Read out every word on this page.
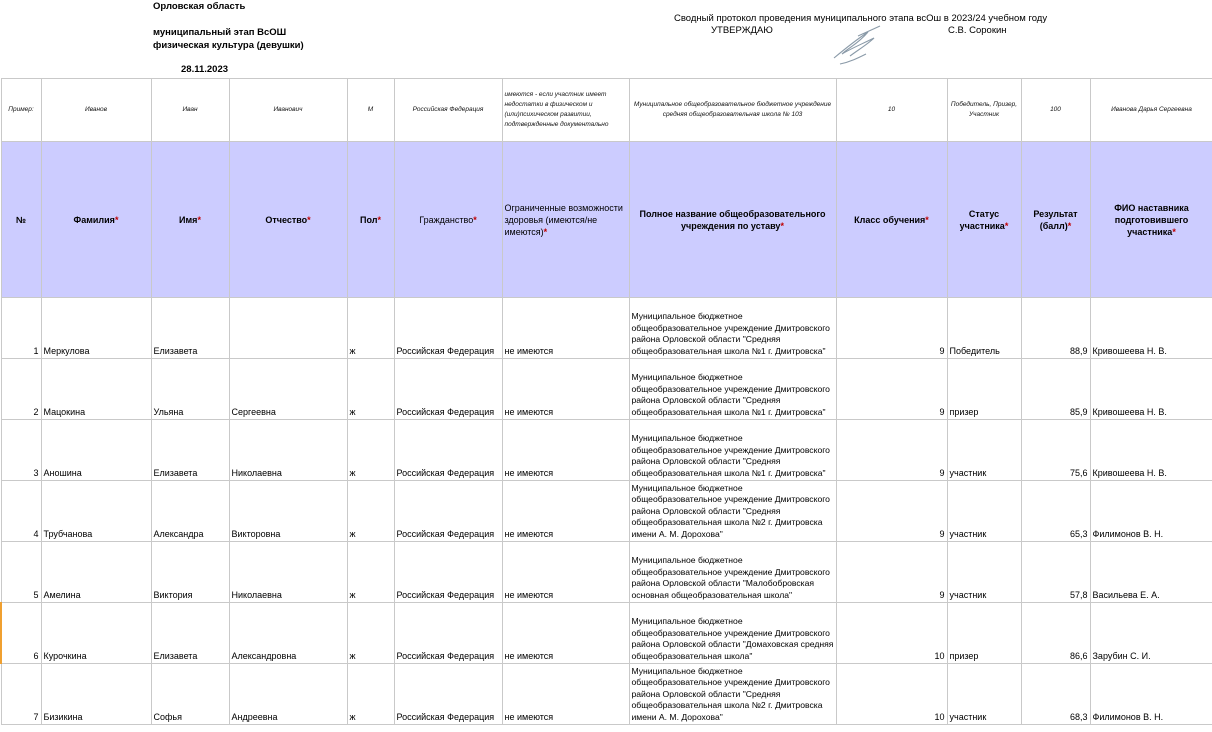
Орловская область
муниципальный этап ВсОШ
физическая культура (девушки)
28.11.2023
Сводный протокол проведения муниципального этапа всОш в 2023/24 учебном году
УТВЕРЖДАЮ	С.В. Сорокин
Пример:	Иванов	Иван	Иванович	М	Российская Федерация	имеются - если участник имеет недостатки в физическом и (или)психическом развитии, подтвержденные документально	Муниципальное общеобразовательное бюджетное учреждение средняя общеобразовательная школа № 103	10	Победитель, Призер, Участник	100	Иванова Дарья Сергеевна
№	Фамилия*	Имя*	Отчество*	Пол*	Гражданство*	Ограниченные возможности здоровья (имеются/не имеются)*	Полное название общеобразовательного учреждения по уставу*	Класс обучения*	Статус участника*	Результат (балл)*	ФИО наставника подготовившего участника*
1	Меркулова	Елизавета		ж	Российская Федерация	не имеются	Муниципальное бюджетное общеобразовательное учреждение Дмитровского района Орловской области "Средняя общеобразовательная школа №1 г. Дмитровска"	9	Победитель	88,9	Кривошеева Н. В.
2	Мацокина	Ульяна	Сергеевна	ж	Российская Федерация	не имеются	Муниципальное бюджетное общеобразовательное учреждение Дмитровского района Орловской области "Средняя общеобразовательная школа №1 г. Дмитровска"	9	призер	85,9	Кривошеева Н. В.
3	Аношина	Елизавета	Николаевна	ж	Российская Федерация	не имеются	Муниципальное бюджетное общеобразовательное учреждение Дмитровского района Орловской области "Средняя общеобразовательная школа №1 г. Дмитровска"	9	участник	75,6	Кривошеева Н. В.
4	Трубчанова	Александра	Викторовна	ж	Российская Федерация	не имеются	Муниципальное бюджетное общеобразовательное учреждение Дмитровского района Орловской области "Средняя общеобразовательная школа №2 г. Дмитровска имени А. М. Дорохова"	9	участник	65,3	Филимонов В. Н.
5	Амелина	Виктория	Николаевна	ж	Российская Федерация	не имеются	Муниципальное бюджетное общеобразовательное учреждение Дмитровского района Орловской области "Малобобровская основная общеобразовательная школа"	9	участник	57,8	Васильева Е. А.
6	Курочкина	Елизавета	Александровна	ж	Российская Федерация	не имеются	Муниципальное бюджетное общеобразовательное учреждение Дмитровского района Орловской области "Домаховская средняя общеобразовательная школа"	10	призер	86,6	Зарубин С. И.
7	Бизикина	Софья	Андреевна	ж	Российская Федерация	не имеются	Муниципальное бюджетное общеобразовательное учреждение Дмитровского района Орловской области "Средняя общеобразовательная школа №2 г. Дмитровска имени А. М. Дорохова"	10	участник	68,3	Филимонов В. Н.
